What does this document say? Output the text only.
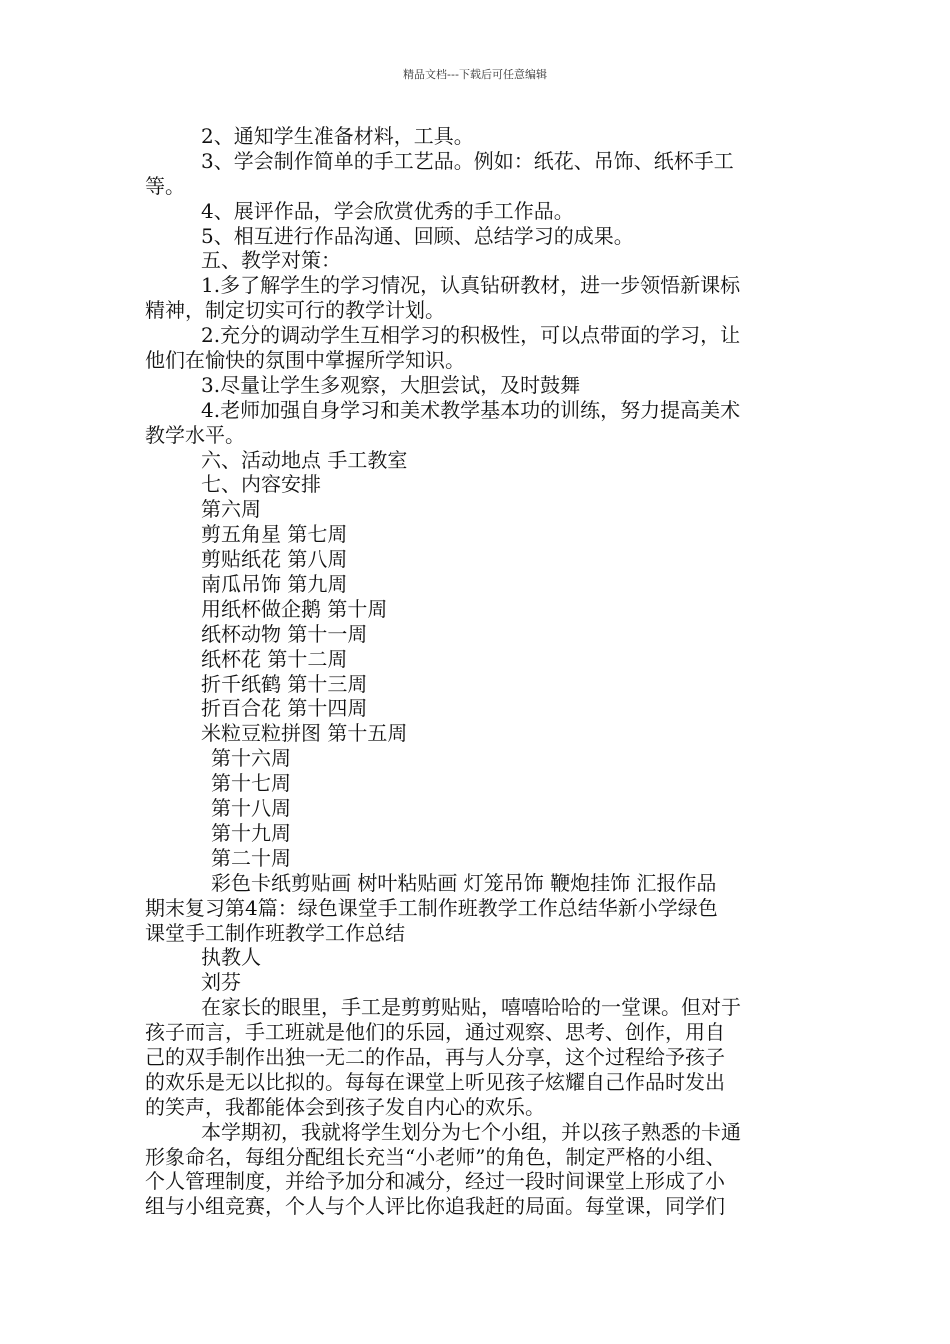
精品文档---下载后可任意编辑
2、通知学生准备材料，工具。
3、学会制作简单的手工艺品。例如：纸花、吊饰、纸杯手工
等。
4、展评作品，学会欣赏优秀的手工作品。
5、相互进行作品沟通、回顾、总结学习的成果。
五、教学对策：
1.多了解学生的学习情况，认真钻研教材，进一步领悟新课标
精神，制定切实可行的教学计划。
2.充分的调动学生互相学习的积极性，可以点带面的学习，让
他们在愉快的氛围中掌握所学知识。
3.尽量让学生多观察，大胆尝试，及时鼓舞
4.老师加强自身学习和美术教学基本功的训练，努力提高美术
教学水平。
六、活动地点 手工教室
七、内容安排
第六周
剪五角星 第七周
剪贴纸花 第八周
南瓜吊饰 第九周
用纸杯做企鹅 第十周
纸杯动物 第十一周
纸杯花 第十二周
折千纸鹤 第十三周
折百合花 第十四周
米粒豆粒拼图 第十五周
第十六周
第十七周
第十八周
第十九周
第二十周
彩色卡纸剪贴画 树叶粘贴画 灯笼吊饰 鞭炮挂饰 汇报作品
期末复习第4篇：绿色课堂手工制作班教学工作总结华新小学绿色
课堂手工制作班教学工作总结
执教人
刘芬
在家长的眼里，手工是剪剪贴贴，嘻嘻哈哈的一堂课。但对于
孩子而言，手工班就是他们的乐园，通过观察、思考、创作，用自
己的双手制作出独一无二的作品，再与人分享，这个过程给予孩子
的欢乐是无以比拟的。每每在课堂上听见孩子炫耀自己作品时发出
的笑声，我都能体会到孩子发自内心的欢乐。
本学期初，我就将学生划分为七个小组，并以孩子熟悉的卡通
形象命名，每组分配组长充当“小老师”的角色，制定严格的小组、
个人管理制度，并给予加分和减分，经过一段时间课堂上形成了小
组与小组竞赛，个人与个人评比你追我赶的局面。每堂课，同学们
